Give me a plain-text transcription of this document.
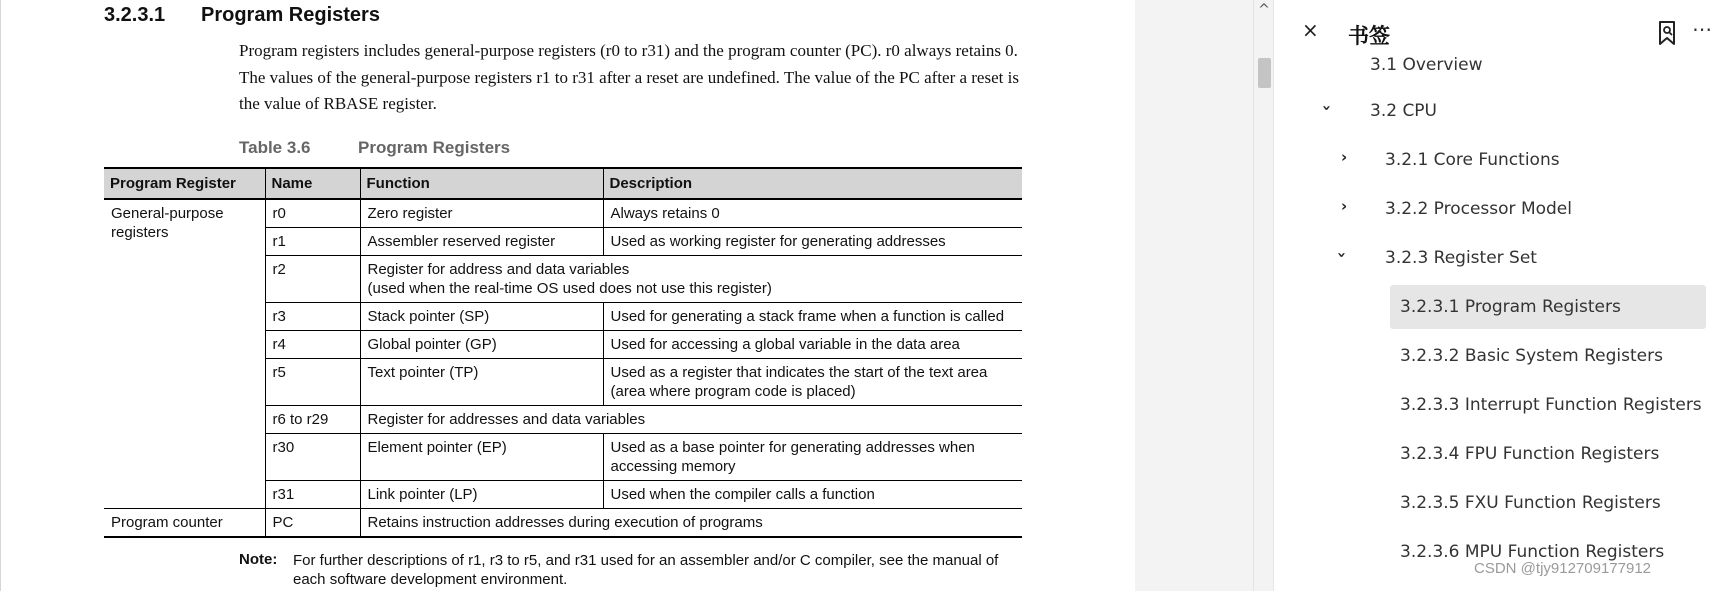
3.2.3.1 Program Registers
Program registers includes general-purpose registers (r0 to r31) and the program counter (PC). r0 always retains 0. The values of the general-purpose registers r1 to r31 after a reset are undefined. The value of the PC after a reset is the value of RBASE register.
Table 3.6	Program Registers
Program Register	Name	Function	Description
General-purpose registers	r0	Zero register	Always retains 0
	r1	Assembler reserved register	Used as working register for generating addresses
	r2	Register for address and data variables
(used when the real-time OS used does not use this register)	
	r3	Stack pointer (SP)	Used for generating a stack frame when a function is called
	r4	Global pointer (GP)	Used for accessing a global variable in the data area
	r5	Text pointer (TP)	Used as a register that indicates the start of the text area
(area where program code is placed)
	r6 to r29	Register for addresses and data variables	
	r30	Element pointer (EP)	Used as a base pointer for generating addresses when
accessing memory
	r31	Link pointer (LP)	Used when the compiler calls a function
Program counter	PC	Retains instruction addresses during execution of programs	
Note: For further descriptions of r1, r3 to r5, and r31 used for an assembler and/or C compiler, see the manual of each software development environment.
^
× 书签	⋯
3.1 Overview
› 3.2 CPU
› 3.2.1 Core Functions
› 3.2.2 Processor Model
› 3.2.3 Register Set
3.2.3.1 Program Registers
3.2.3.2 Basic System Registers
3.2.3.3 Interrupt Function Registers
3.2.3.4 FPU Function Registers
3.2.3.5 FXU Function Registers
3.2.3.6 MPU Function Registers
CSDN @tjy912709177912
